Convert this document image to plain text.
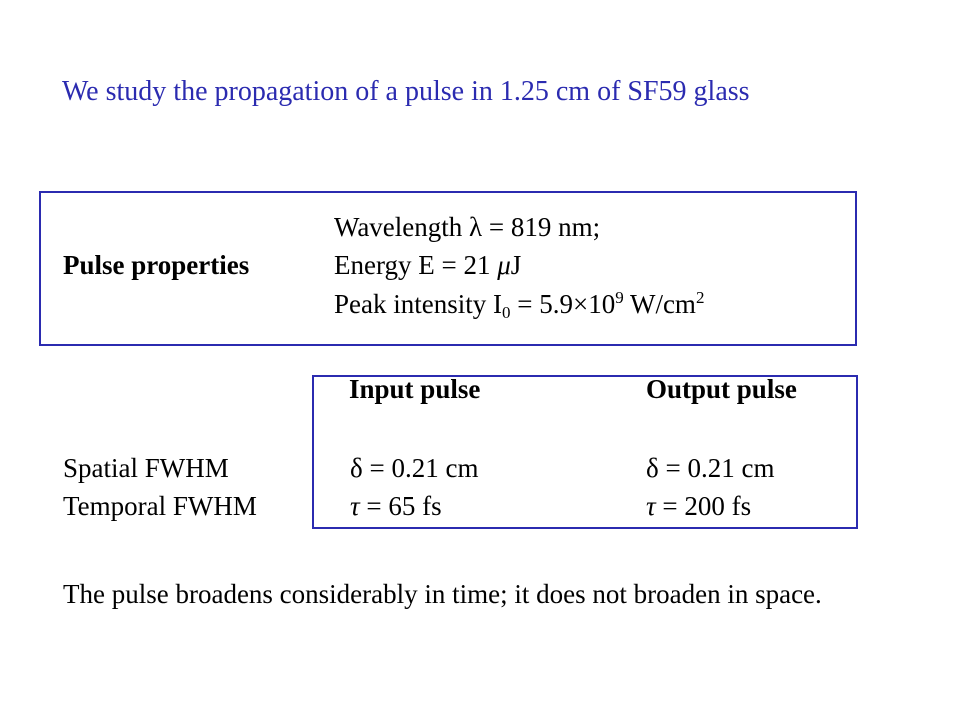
We study the propagation of a pulse in 1.25 cm of SF59 glass
Pulse properties
Wavelength λ = 819 nm;
Energy E = 21 μJ
Peak intensity $I_0 = 5.9\times 10^9$ $W/cm^2$
Input pulse	Output pulse
Spatial FWHM
Temporal FWHM
δ = 0.21 cm
τ = 65 fs
δ = 0.21 cm
τ = 200 fs
The pulse broadens considerably in time; it does not broaden in space.
